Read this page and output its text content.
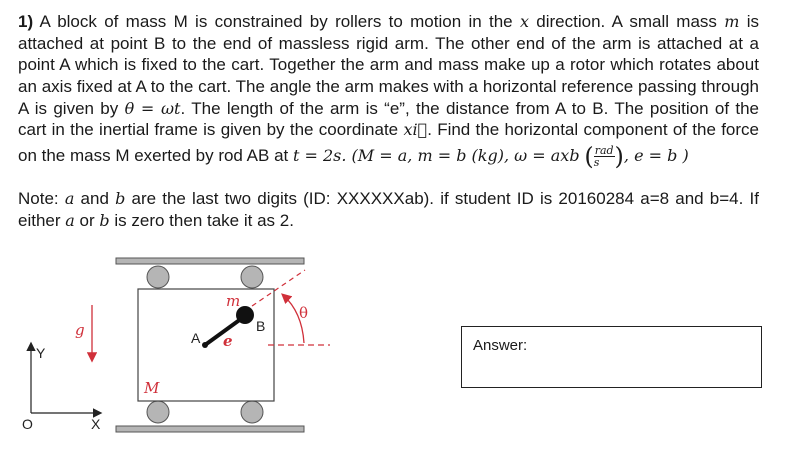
1) A block of mass M is constrained by rollers to motion in the x direction. A small mass m is
attached at point B to the end of massless rigid arm. The other end of the arm is attached at a
point A which is fixed to the cart. Together the arm and mass make up a rotor which rotates about
an axis fixed at A to the cart. The angle the arm makes with a horizontal reference passing through
A is given by θ = ωt. The length of the arm is “e”, the distance from A to B. The position of the
cart in the inertial frame is given by the coordinate xi⃗. Find the horizontal component of the force
on the mass M exerted by rod AB at t = 2s. (M = a, m = b (kg), ω = axb ( $\frac{\text{rad}}{s}$ ), e = b )
Note: a and b are the last two digits (ID: XXXXXXab). if student ID is 20160284 a=8 and b=4. If
either a or b is zero then take it as 2.
m
B
A e
M
g
θ
O	X
Y	Answer:
